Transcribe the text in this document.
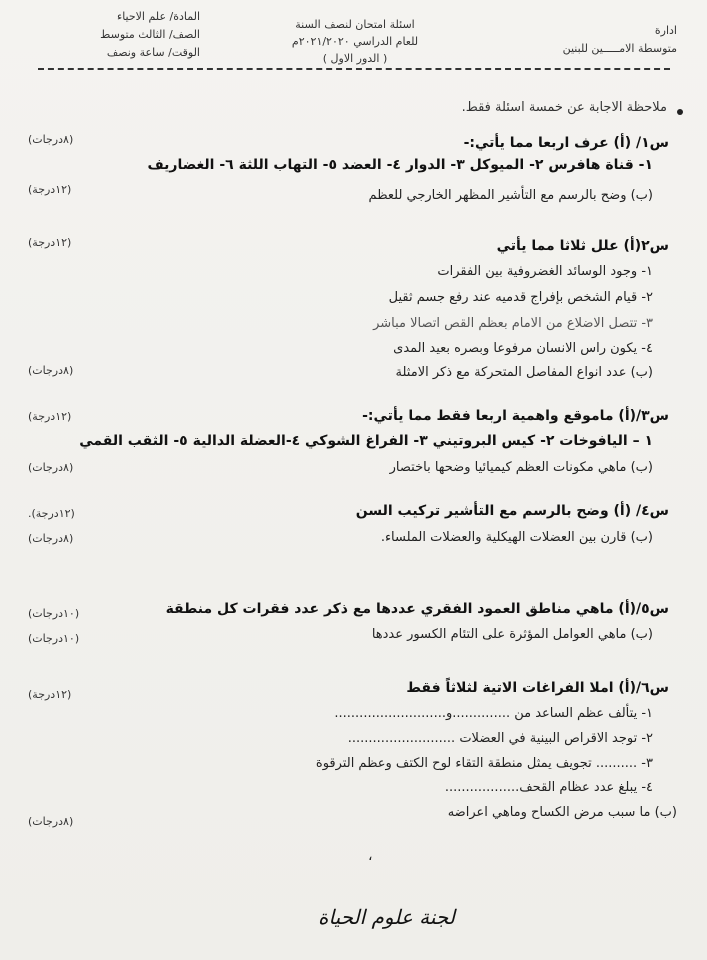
ادارة
متوسطة الامـــــين للبنين
اسئلة امتحان لنصف السنة
للعام الدراسي ٢٠٢١/٢٠٢٠م
( الدور الاول )
المادة/ علم الاحياء
الصف/ الثالث متوسط
الوقت/ ساعة ونصف
ملاحظة الاجابة عن خمسة اسئلة فقط.
س١/ (أ) عرف اربعا مما يأتي:-
(٨درجات)
١- قناة هافرس ٢- الميوكل ٣- الدوار ٤- العضد ٥- التهاب اللثة ٦- الغضاريف
(١٢درجة)	(ب) وضح بالرسم مع التأشير المظهر الخارجي للعظم
س٢(أ) علل ثلاثا مما يأتي
(١٢درجة)
١- وجود الوسائد الغضروفية بين الفقرات
٢- قيام الشخص بإفراج قدميه عند رفع جسم ثقيل
٣- تتصل الاضلاع من الامام بعظم القص اتصالا مباشر
٤- يكون راس الانسان مرفوعا وبصره بعيد المدى
(٨درجات)	(ب) عدد انواع المفاصل المتحركة مع ذكر الامثلة
س٣/(أ) ماموقع واهمية اربعا فقط مما يأتي:-
(١٢درجة)
١ – اليافوخات ٢- كيس البروتيني ٣- الفراغ الشوكي ٤-العضلة الدالية ٥- الثقب القمي
(٨درجات)	(ب) ماهي مكونات العظم كيميائيا وضحها باختصار
س٤/ (أ) وضح بالرسم مع التأشير تركيب السن
(١٢درجة).
(ب) قارن بين العضلات الهيكلية والعضلات الملساء.
(٨درجات)
س٥/(أ) ماهي مناطق العمود الفقري عددها مع ذكر عدد فقرات كل منطقة
(١٠درجات)
(ب) ماهي العوامل المؤثرة على التئام الكسور عددها
(١٠درجات)
س٦/(أ) املا الفراغات الاتية لثلاثاً فقط
(١٢درجة)
١- يتألف عظم الساعد من ..............و...........................
٢- توجد الاقراص البينية في العضلات ..........................
٣- .......... تجويف يمثل منطقة التقاء لوح الكتف وعظم الترقوة
٤- يبلغ عدد عظام القحف..................
(ب) ما سبب مرض الكساح وماهي اعراضه
(٨درجات)
،
لجنة علوم الحياة
